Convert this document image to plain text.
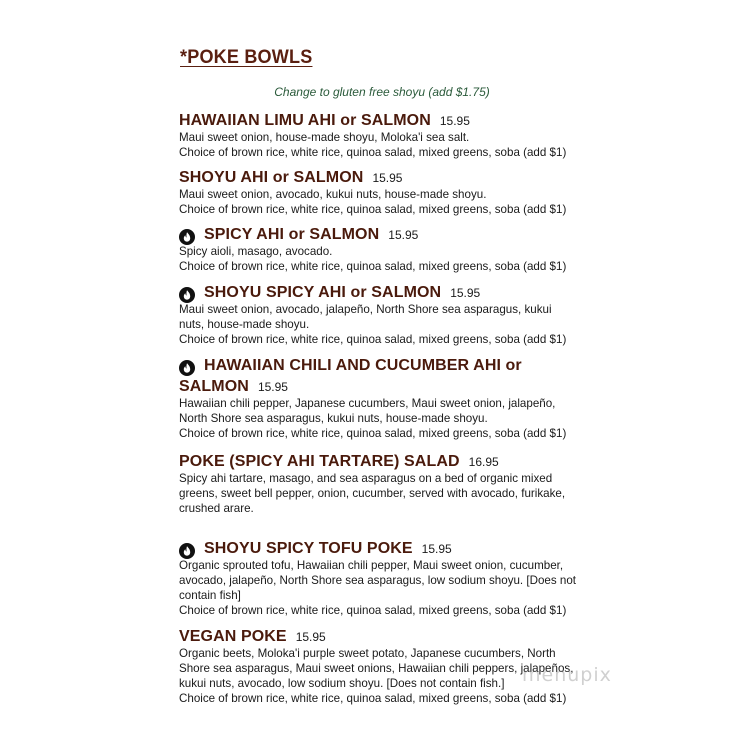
*POKE BOWLS
Change to gluten free shoyu (add $1.75)
HAWAIIAN LIMU AHI or SALMON 15.95
Maui sweet onion, house-made shoyu, Moloka'i sea salt.
Choice of brown rice, white rice, quinoa salad, mixed greens, soba (add $1)
SHOYU AHI or SALMON 15.95
Maui sweet onion, avocado, kukui nuts, house-made shoyu.
Choice of brown rice, white rice, quinoa salad, mixed greens, soba (add $1)
SPICY AHI or SALMON 15.95
Spicy aioli, masago, avocado.
Choice of brown rice, white rice, quinoa salad, mixed greens, soba (add $1)
SHOYU SPICY AHI or SALMON 15.95
Maui sweet onion, avocado, jalapeño, North Shore sea asparagus, kukui
nuts, house-made shoyu.
Choice of brown rice, white rice, quinoa salad, mixed greens, soba (add $1)
HAWAIIAN CHILI AND CUCUMBER AHI or
SALMON 15.95
Hawaiian chili pepper, Japanese cucumbers, Maui sweet onion, jalapeño,
North Shore sea asparagus, kukui nuts, house-made shoyu.
Choice of brown rice, white rice, quinoa salad, mixed greens, soba (add $1)
POKE (SPICY AHI TARTARE) SALAD 16.95
Spicy ahi tartare, masago, and sea asparagus on a bed of organic mixed
greens, sweet bell pepper, onion, cucumber, served with avocado, furikake,
crushed arare.
SHOYU SPICY TOFU POKE 15.95
Organic sprouted tofu, Hawaiian chili pepper, Maui sweet onion, cucumber,
avocado, jalapeño, North Shore sea asparagus, low sodium shoyu. [Does not
contain fish]
Choice of brown rice, white rice, quinoa salad, mixed greens, soba (add $1)
VEGAN POKE 15.95
Organic beets, Moloka'i purple sweet potato, Japanese cucumbers, North
Shore sea asparagus, Maui sweet onions, Hawaiian chili peppers, jalapeños,
kukui nuts, avocado, low sodium shoyu. [Does not contain fish.]
Choice of brown rice, white rice, quinoa salad, mixed greens, soba (add $1)
menupix
